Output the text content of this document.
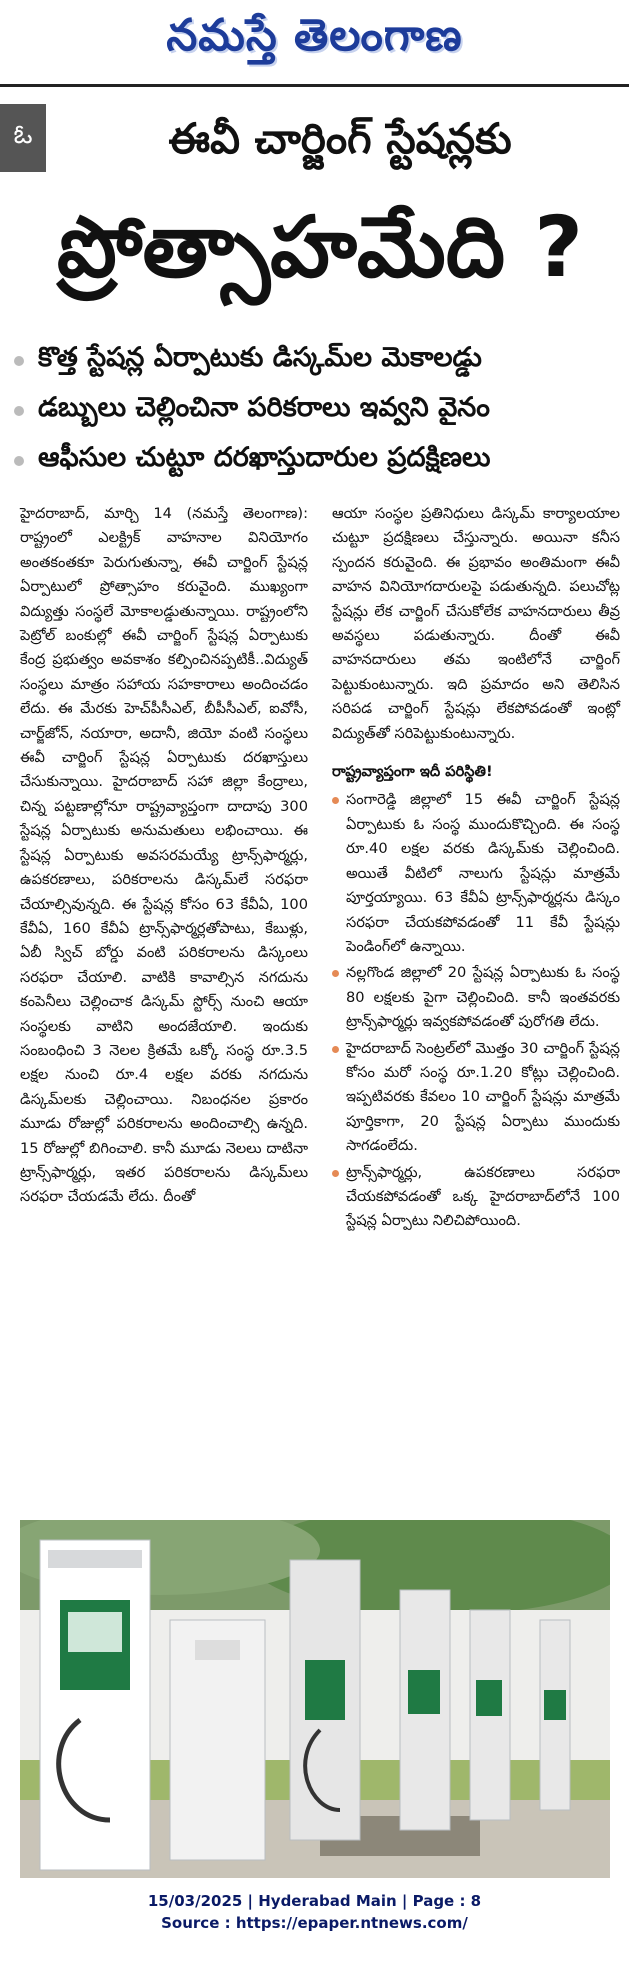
నమస్తే తెలంగాణ
ఓ	ఈవీ చార్జింగ్ స్టేషన్లకు
ప్రోత్సాహమేది ?
కొత్త స్టేషన్ల ఏర్పాటుకు డిస్కమ్‌ల మెకాలడ్డు
డబ్బులు చెల్లించినా పరికరాలు ఇవ్వని వైనం
ఆఫీసుల చుట్టూ దరఖాస్తుదారుల ప్రదక్షిణలు

హైదరాబాద్, మార్చి 14 (నమస్తే తెలంగాణ): రాష్ట్రంలో ఎలక్ట్రిక్ వాహనాల వినియోగం అంతకంతకూ పెరుగుతున్నా, ఈవీ చార్జింగ్ స్టేషన్ల ఏర్పాటులో ప్రోత్సాహం కరువైంది. ముఖ్యంగా విద్యుత్తు సంస్థలే మోకాలడ్డుతున్నాయి. రాష్ట్రంలోని పెట్రోల్ బంకుల్లో ఈవీ చార్జింగ్ స్టేషన్ల ఏర్పాటుకు కేంద్ర ప్రభుత్వం అవకాశం కల్పించినప్పటికీ..విద్యుత్ సంస్థలు మాత్రం సహాయ సహకారాలు అందించడం లేదు. ఈ మేరకు హెచ్‌పీసీఎల్, బీపీసీఎల్, ఐవోసీ, చార్జ్‌జోన్, నయారా, అదానీ, జియో వంటి సంస్థలు ఈవీ చార్జింగ్ స్టేషన్ల ఏర్పాటుకు దరఖాస్తులు చేసుకున్నాయి. హైదరాబాద్ సహా జిల్లా కేంద్రాలు, చిన్న పట్టణాల్లోనూ రాష్ట్రవ్యాప్తంగా దాదాపు 300 స్టేషన్ల ఏర్పాటుకు అనుమతులు లభించాయి. ఈ స్టేషన్ల ఏర్పాటుకు అవసరమయ్యే ట్రాన్స్‌ఫార్మర్లు, ఉపకరణాలు, పరికరాలను డిస్కమ్‌లే సరఫరా చేయాల్సివున్నది. ఈ స్టేషన్ల కోసం 63 కేవీఏ, 100 కేవీఏ, 160 కేవీఏ ట్రాన్స్‌ఫార్మర్లతోపాటు, కేబుళ్లు, ఏబీ స్విచ్ బోర్డు వంటి పరికరాలను డిస్కంలు సరఫరా చేయాలి. వాటికి కావాల్సిన నగదును కంపెనీలు చెల్లించాక డిస్కమ్ స్టోర్స్ నుంచి ఆయా సంస్థలకు వాటిని అందజేయాలి. ఇందుకు సంబంధించి 3 నెలల క్రితమే ఒక్కో సంస్థ రూ.3.5 లక్షల నుంచి రూ.4 లక్షల వరకు నగదును డిస్కమ్‌లకు చెల్లించాయి. నిబంధనల ప్రకారం మూడు రోజుల్లో పరికరాలను అందించాల్సి ఉన్నది. 15 రోజుల్లో బిగించాలి. కానీ మూడు నెలలు దాటినా ట్రాన్స్‌ఫార్మర్లు, ఇతర పరికరాలను డిస్కమ్‌లు సరఫరా చేయడమే లేదు. దీంతో

ఆయా సంస్థల ప్రతినిధులు డిస్కమ్ కార్యాలయాల చుట్టూ ప్రదక్షిణలు చేస్తున్నారు. అయినా కనీస స్పందన కరువైంది. ఈ ప్రభావం అంతిమంగా ఈవీ వాహన వినియోగదారులపై పడుతున్నది. పలుచోట్ల స్టేషన్లు లేక చార్జింగ్ చేసుకోలేక వాహనదారులు తీవ్ర అవస్థలు పడుతున్నారు. దీంతో ఈవీ వాహనదారులు తమ ఇంటిలోనే చార్జింగ్ పెట్టుకుంటున్నారు. ఇది ప్రమాదం అని తెలిసిన సరిపడ చార్జింగ్ స్టేషన్లు లేకపోవడంతో ఇంట్లో విద్యుత్‌తో సరిపెట్టుకుంటున్నారు.

రాష్ట్రవ్యాప్తంగా ఇదీ పరిస్థితి!
సంగారెడ్డి జిల్లాలో 15 ఈవీ చార్జింగ్ స్టేషన్ల ఏర్పాటుకు ఓ సంస్థ ముందుకొచ్చింది. ఈ సంస్థ రూ.40 లక్షల వరకు డిస్కమ్‌కు చెల్లించింది. అయితే వీటిలో నాలుగు స్టేషన్లు మాత్రమే పూర్తయ్యాయి. 63 కేవీఏ ట్రాన్స్‌ఫార్మర్లను డిస్కం సరఫరా చేయకపోవడంతో 11 కేవీ స్టేషన్లు పెండింగ్‌లో ఉన్నాయి.
నల్లగొండ జిల్లాలో 20 స్టేషన్ల ఏర్పాటుకు ఓ సంస్థ 80 లక్షలకు పైగా చెల్లించింది. కానీ ఇంతవరకు ట్రాన్స్‌ఫార్మర్లు ఇవ్వకపోవడంతో పురోగతి లేదు.
హైదరాబాద్ సెంట్రల్‌లో మొత్తం 30 చార్జింగ్ స్టేషన్ల కోసం మరో సంస్థ రూ.1.20 కోట్లు చెల్లించింది. ఇప్పటివరకు కేవలం 10 చార్జింగ్ స్టేషన్లు మాత్రమే పూర్తికాగా, 20 స్టేషన్ల ఏర్పాటు ముందుకు సాగడంలేదు.
ట్రాన్స్‌ఫార్మర్లు, ఉపకరణాలు సరఫరా చేయకపోవడంతో ఒక్క హైదరాబాద్‌లోనే 100 స్టేషన్ల ఏర్పాటు నిలిచిపోయింది.
15/03/2025 | Hyderabad Main | Page : 8
Source : https://epaper.ntnews.com/
